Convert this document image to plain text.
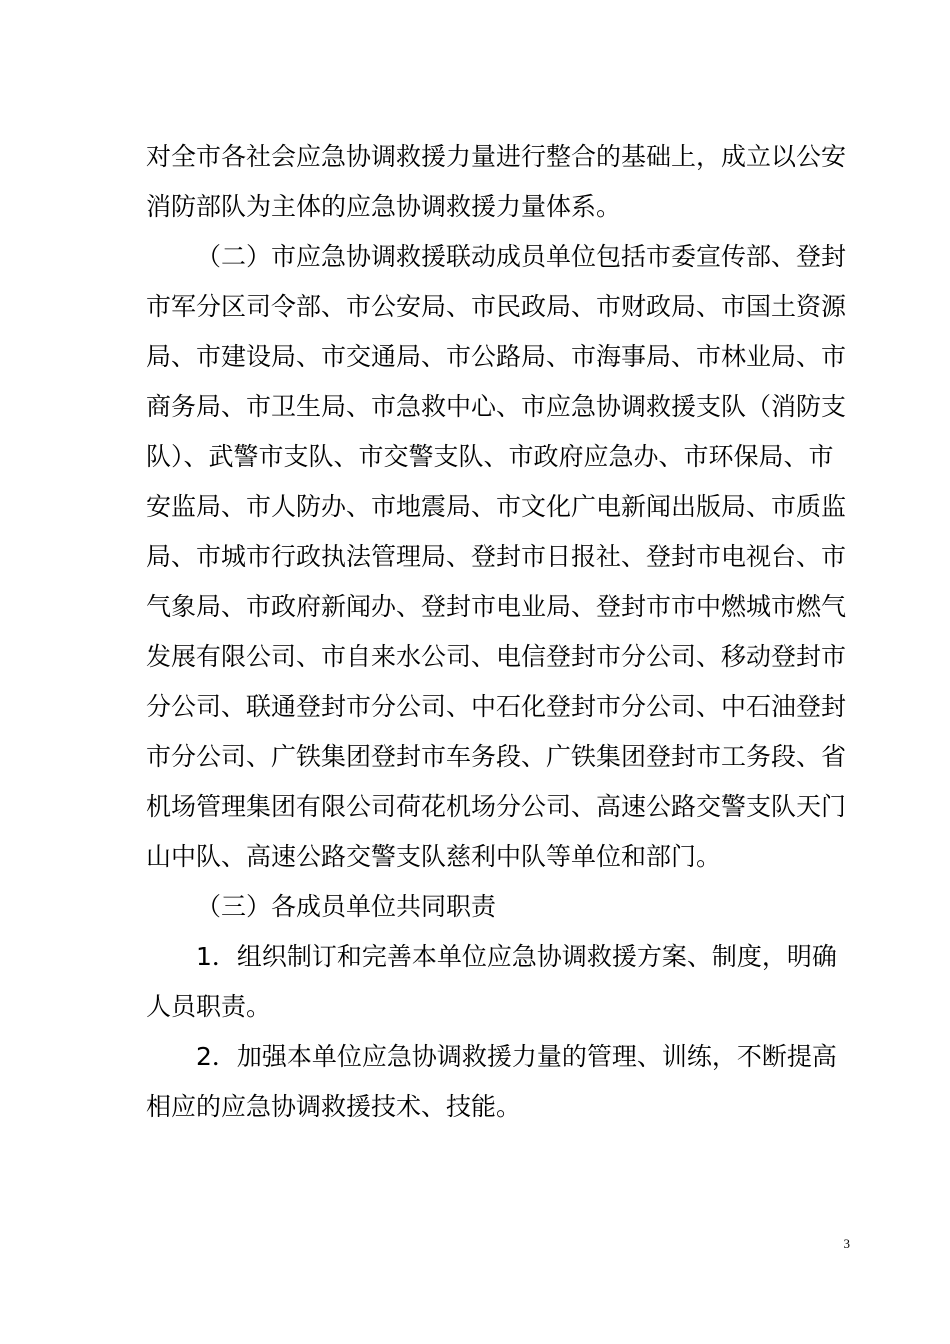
对全市各社会应急协调救援力量进行整合的基础上，成立以公安
消防部队为主体的应急协调救援力量体系。
（二）市应急协调救援联动成员单位包括市委宣传部、登封
市军分区司令部、市公安局、市民政局、市财政局、市国土资源
局、市建设局、市交通局、市公路局、市海事局、市林业局、市
商务局、市卫生局、市急救中心、市应急协调救援支队（消防支
队）、武警市支队、市交警支队、市政府应急办、市环保局、市
安监局、市人防办、市地震局、市文化广电新闻出版局、市质监
局、市城市行政执法管理局、登封市日报社、登封市电视台、市
气象局、市政府新闻办、登封市电业局、登封市市中燃城市燃气
发展有限公司、市自来水公司、电信登封市分公司、移动登封市
分公司、联通登封市分公司、中石化登封市分公司、中石油登封
市分公司、广铁集团登封市车务段、广铁集团登封市工务段、省
机场管理集团有限公司荷花机场分公司、高速公路交警支队天门
山中队、高速公路交警支队慈利中队等单位和部门。
（三）各成员单位共同职责
1．组织制订和完善本单位应急协调救援方案、制度，明确
人员职责。
2．加强本单位应急协调救援力量的管理、训练，不断提高
相应的应急协调救援技术、技能。
3
